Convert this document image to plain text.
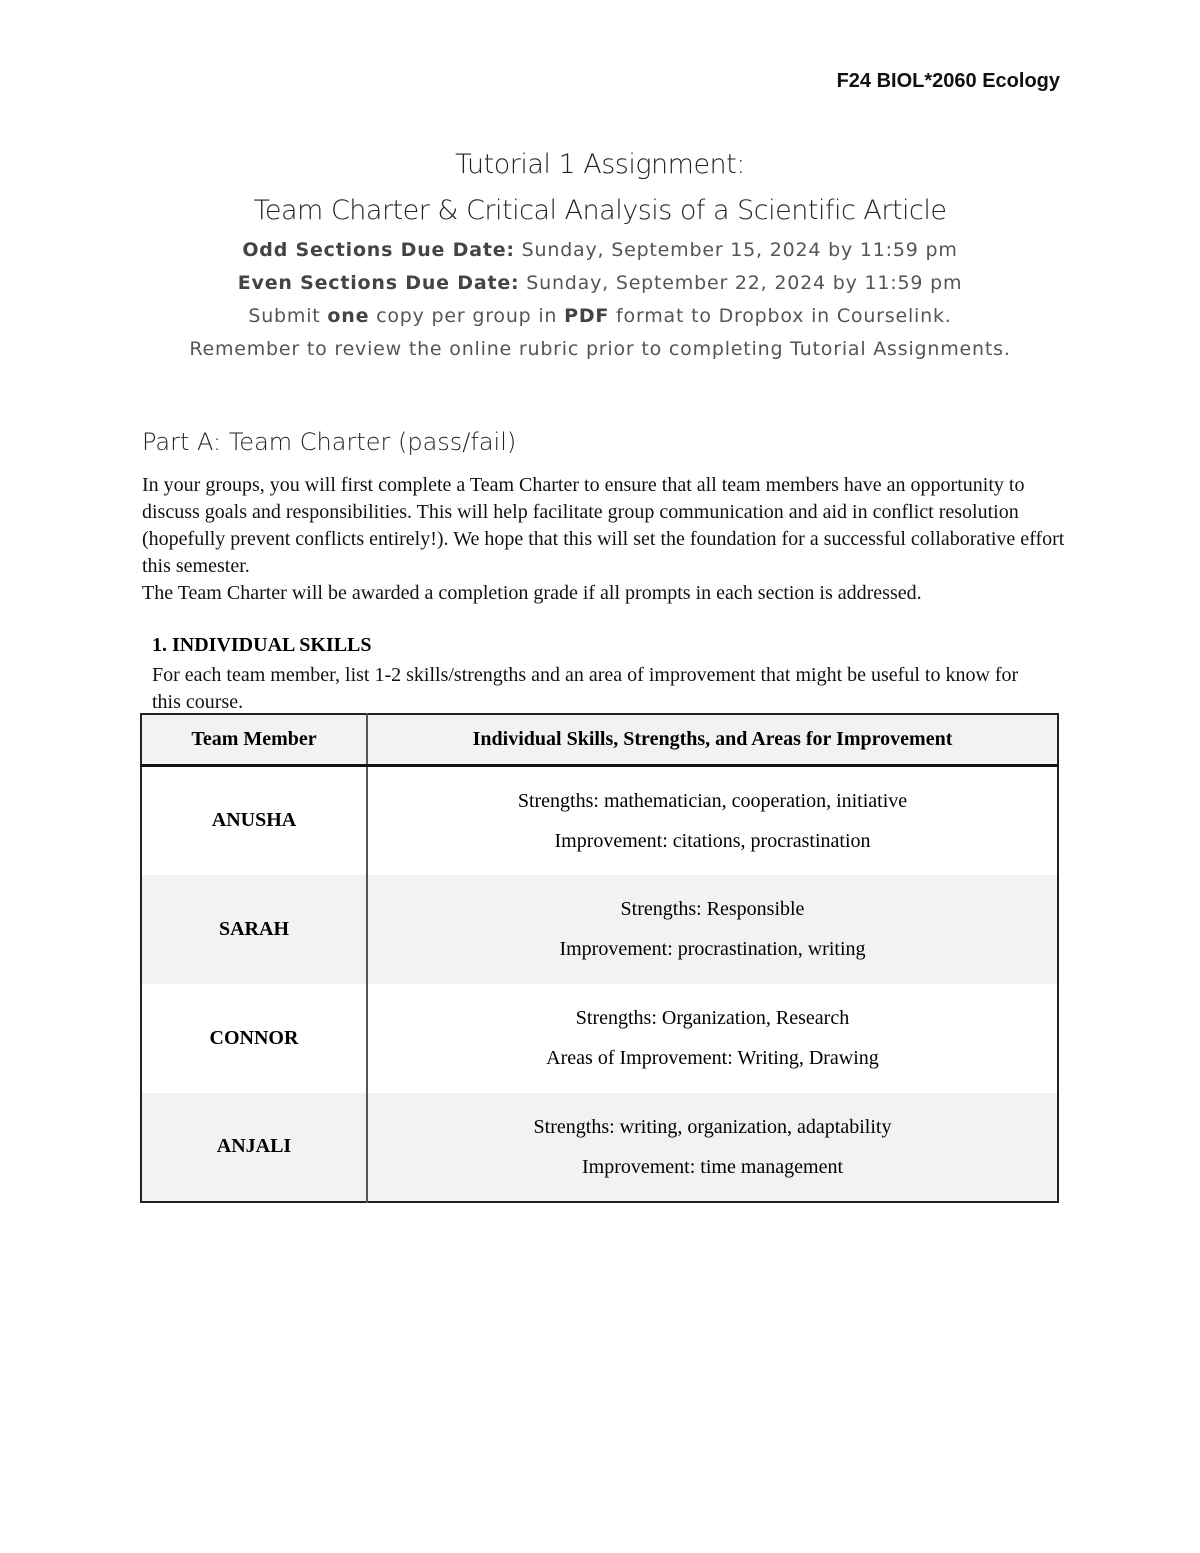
F24 BIOL*2060 Ecology
Tutorial 1 Assignment:
Team Charter & Critical Analysis of a Scientific Article
Odd Sections Due Date: Sunday, September 15, 2024 by 11:59 pm
Even Sections Due Date: Sunday, September 22, 2024 by 11:59 pm
Submit one copy per group in PDF format to Dropbox in Courselink.
Remember to review the online rubric prior to completing Tutorial Assignments.
Part A: Team Charter (pass/fail)

In your groups, you will first complete a Team Charter to ensure that all team members have an opportunity to discuss goals and responsibilities. This will help facilitate group communication and aid in conflict resolution (hopefully prevent conflicts entirely!). We hope that this will set the foundation for a successful collaborative effort this semester.

The Team Charter will be awarded a completion grade if all prompts in each section is addressed.

1. INDIVIDUAL SKILLS
For each team member, list 1-2 skills/strengths and an area of improvement that might be useful to know for this course.
Team Member	Individual Skills, Strengths, and Areas for Improvement
ANUSHA	Strengths: mathematician, cooperation, initiative
Improvement: citations, procrastination

SARAH	Strengths: Responsible
Improvement: procrastination, writing

CONNOR	Strengths: Organization, Research
Areas of Improvement: Writing, Drawing

ANJALI	Strengths: writing, organization, adaptability
Improvement: time management
